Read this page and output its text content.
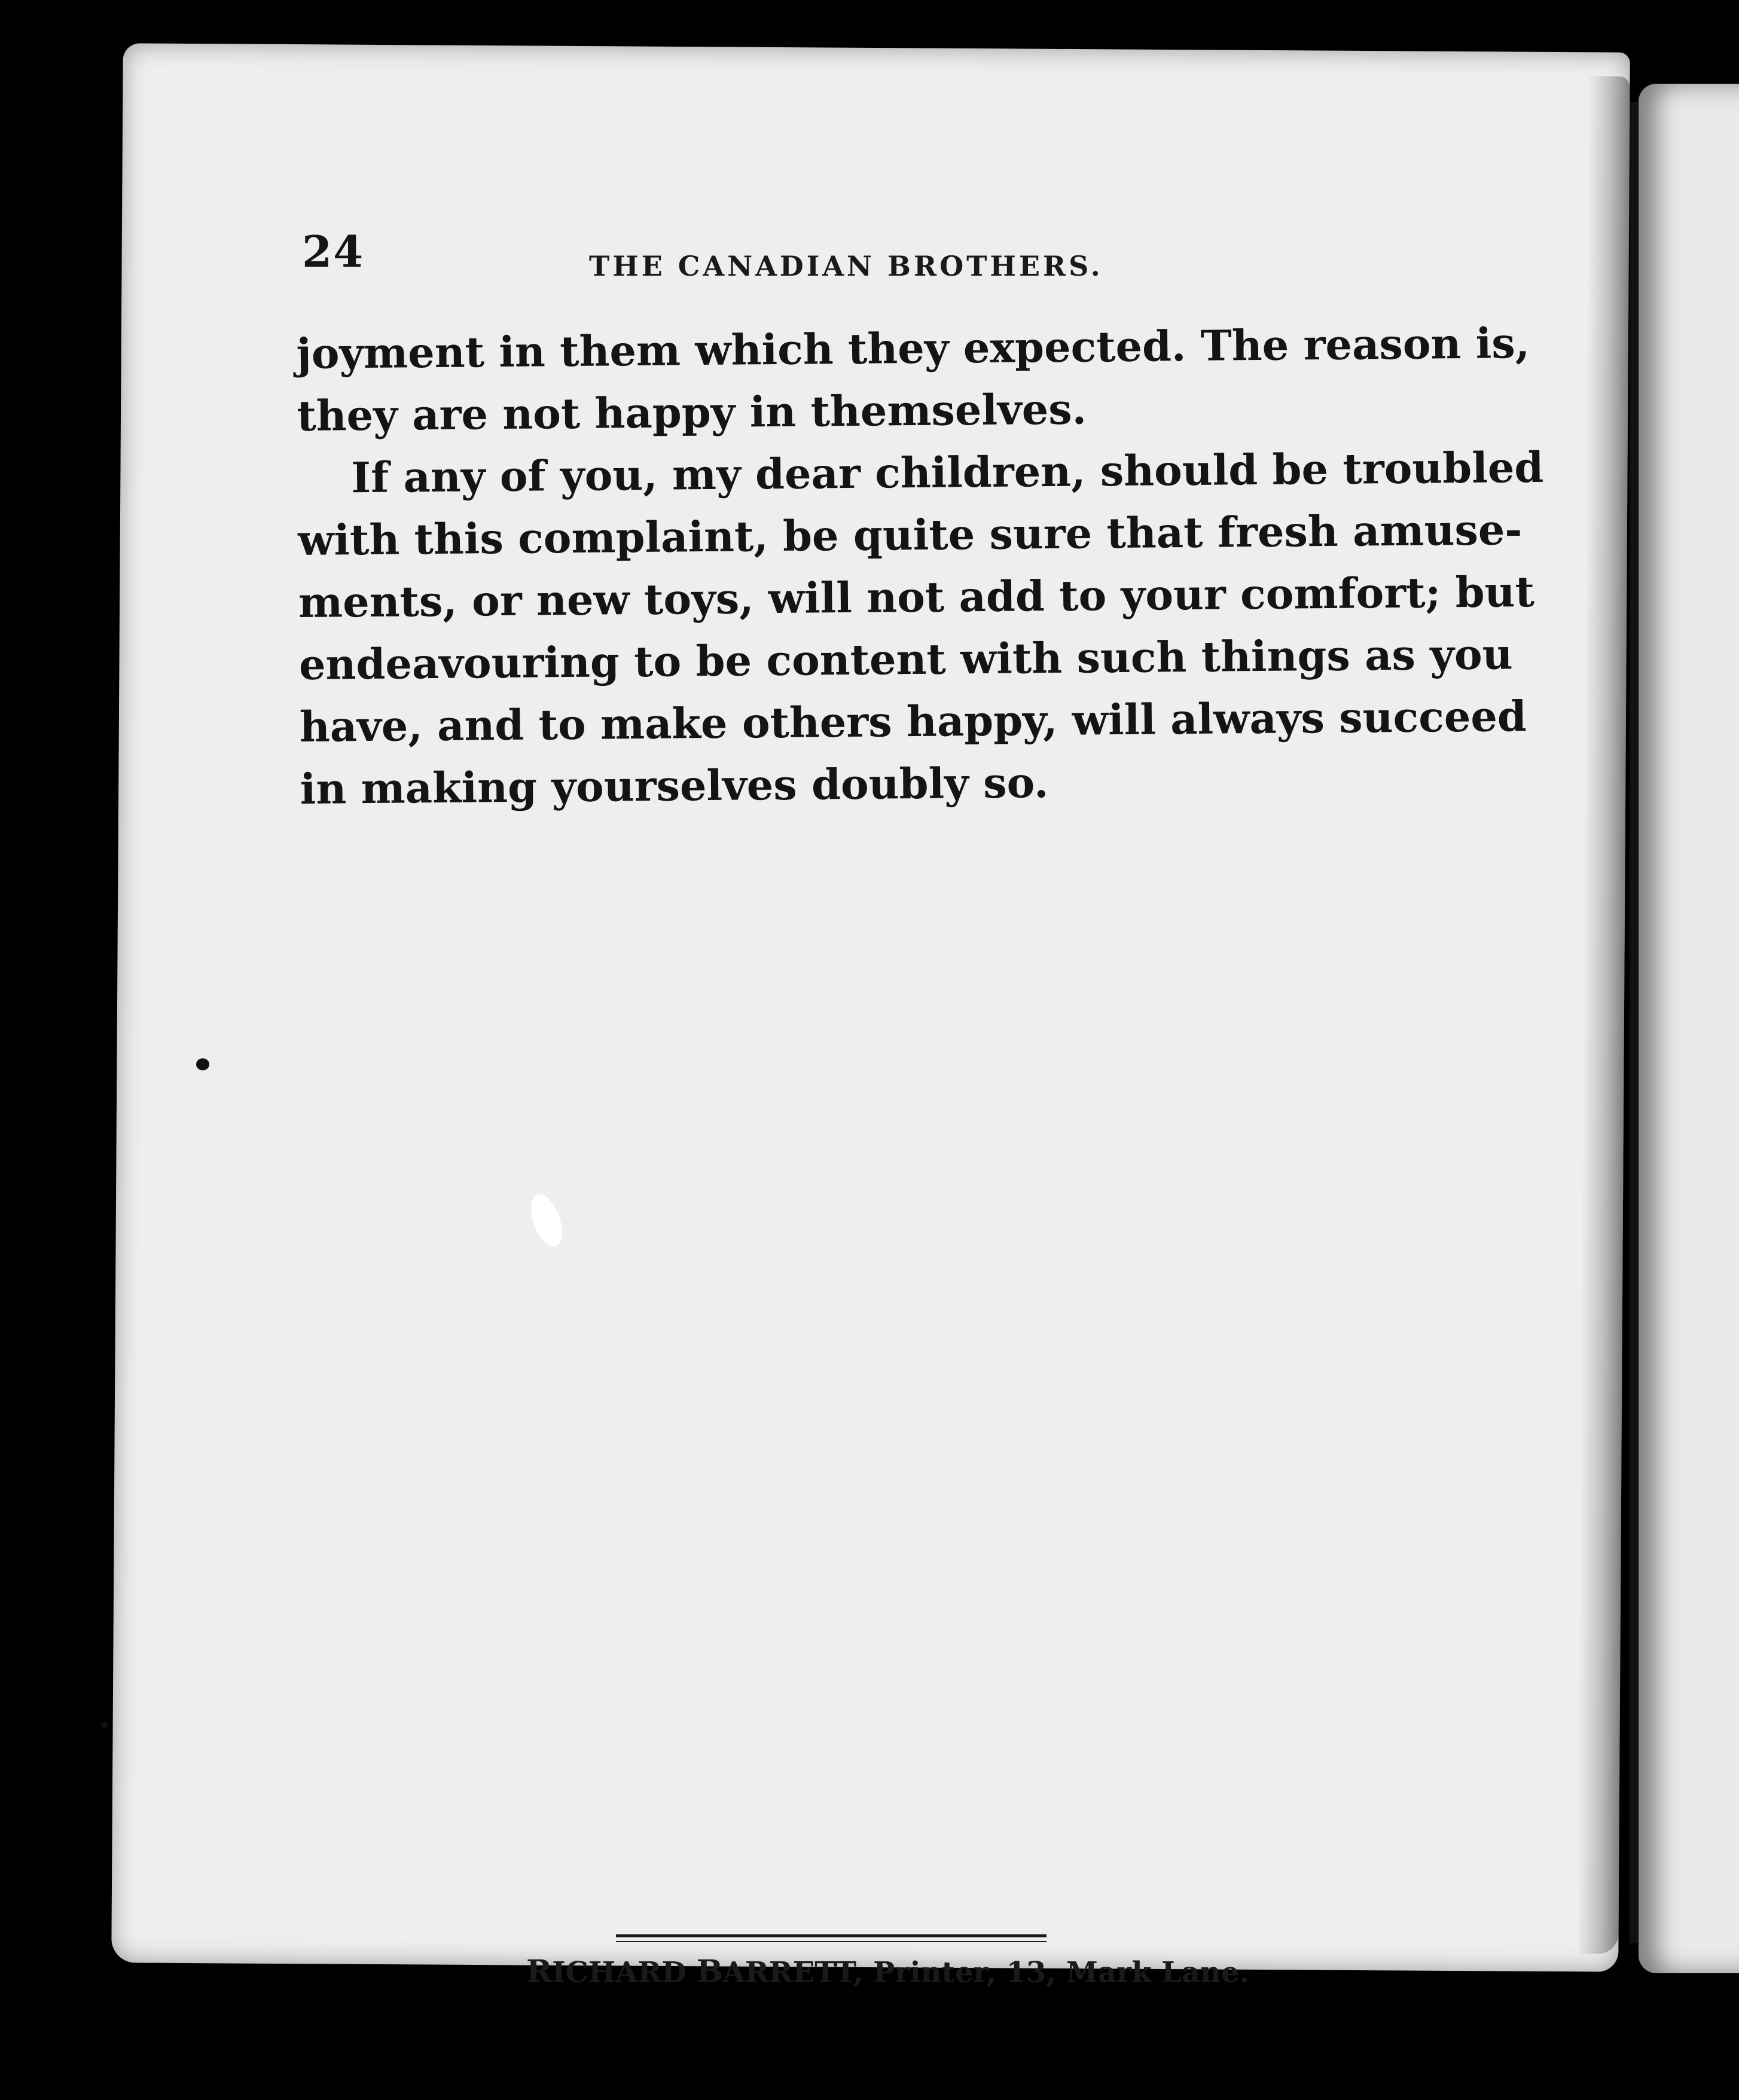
24	THE CANADIAN BROTHERS.
joyment in them which they expected. The reason is,
they are not happy in themselves.
If any of you, my dear children, should be troubled
with this complaint, be quite sure that fresh amuse-
ments, or new toys, will not add to your comfort; but
endeavouring to be content with such things as you
have, and to make others happy, will always succeed
in making yourselves doubly so.
RICHARD BARRETT, Printer, 13, Mark Lane.
